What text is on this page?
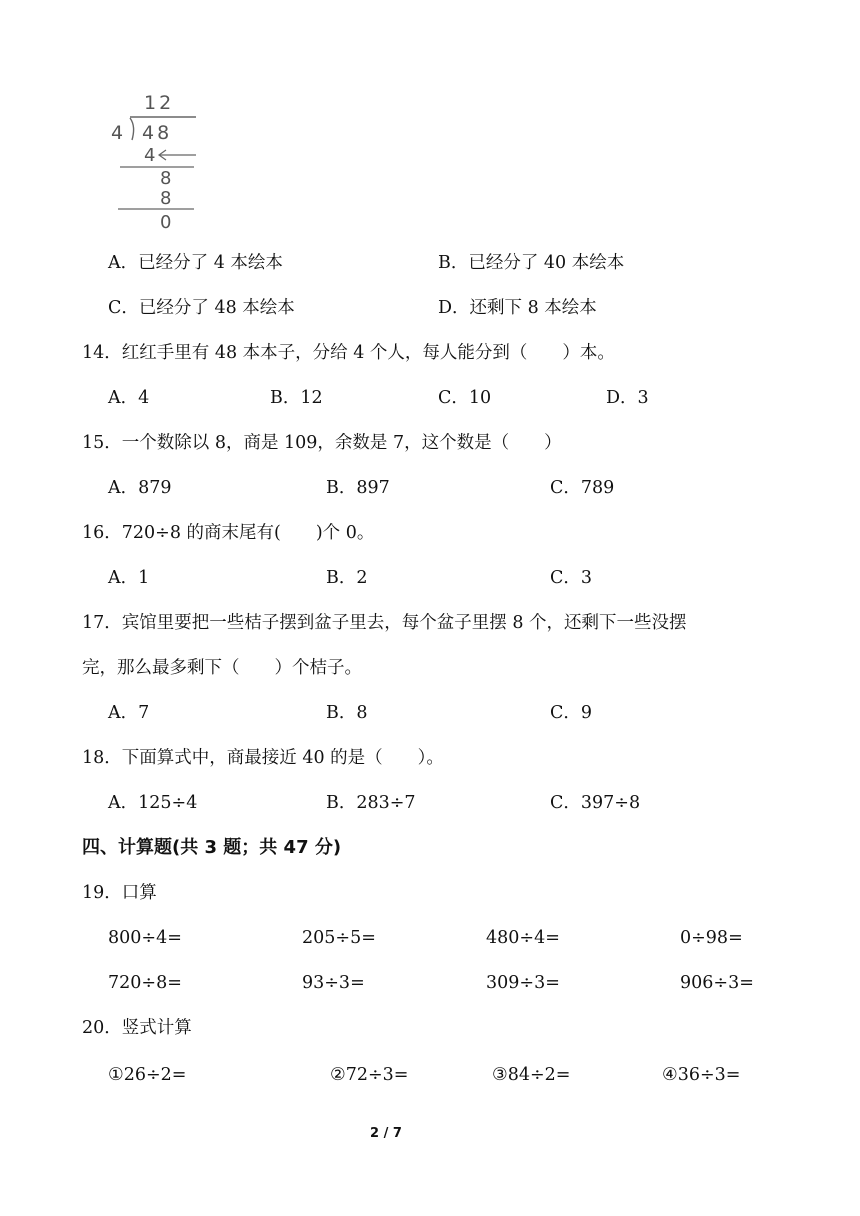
12
4 48
4
8
8
0
A．已经分了 4 本绘本	B．已经分了 40 本绘本
C．已经分了 48 本绘本	D．还剩下 8 本绘本
14．红红手里有 48 本本子，分给 4 个人，每人能分到（　　）本。
A．4	B．12	C．10	D．3
15．一个数除以 8，商是 109，余数是 7，这个数是（　　）
A．879	B．897	C．789
16．720÷8 的商末尾有(　　)个 0。
A．1	B．2	C．3
17．宾馆里要把一些桔子摆到盆子里去，每个盆子里摆 8 个，还剩下一些没摆
完，那么最多剩下（　　）个桔子。
A．7	B．8	C．9
18．下面算式中，商最接近 40 的是（　　）。
A．125÷4	B．283÷7	C．397÷8
四、计算题(共 3 题；共 47 分)
19．口算
800÷4=	205÷5=	480÷4=	0÷98=
720÷8=	93÷3=	309÷3=	906÷3=
20．竖式计算
①26÷2=	②72÷3=	③84÷2=	④36÷3=
2 / 7
